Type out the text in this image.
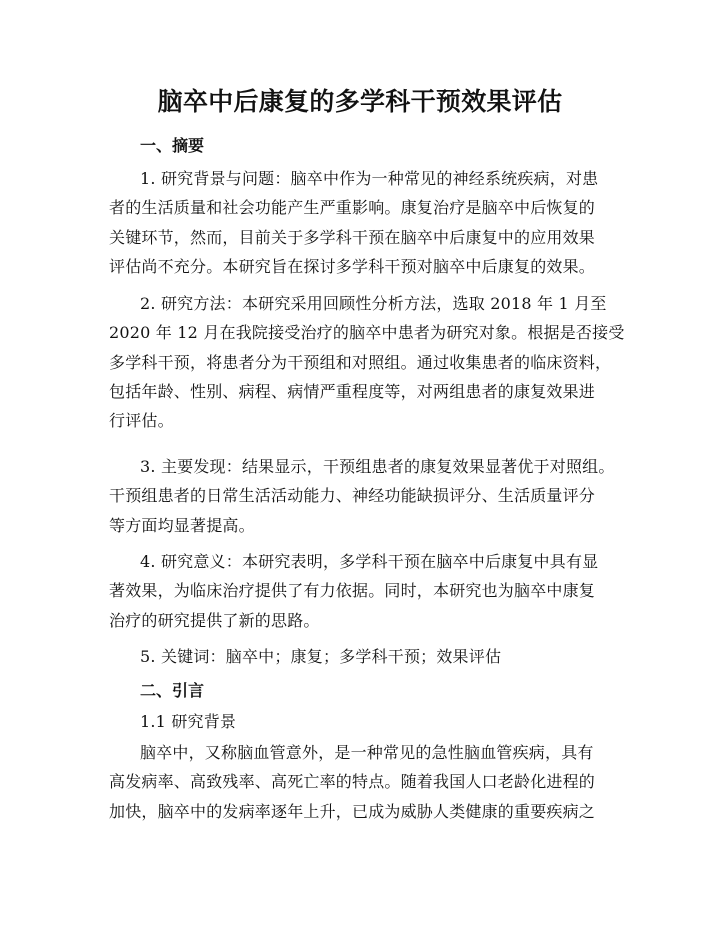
脑卒中后康复的多学科干预效果评估
一、摘要
1. 研究背景与问题：脑卒中作为一种常见的神经系统疾病，对患
者的生活质量和社会功能产生严重影响。康复治疗是脑卒中后恢复的
关键环节，然而，目前关于多学科干预在脑卒中后康复中的应用效果
评估尚不充分。本研究旨在探讨多学科干预对脑卒中后康复的效果。
2. 研究方法：本研究采用回顾性分析方法，选取 2018 年 1 月至
2020 年 12 月在我院接受治疗的脑卒中患者为研究对象。根据是否接受
多学科干预，将患者分为干预组和对照组。通过收集患者的临床资料，
包括年龄、性别、病程、病情严重程度等，对两组患者的康复效果进
行评估。
3. 主要发现：结果显示，干预组患者的康复效果显著优于对照组。
干预组患者的日常生活活动能力、神经功能缺损评分、生活质量评分
等方面均显著提高。
4. 研究意义：本研究表明，多学科干预在脑卒中后康复中具有显
著效果，为临床治疗提供了有力依据。同时，本研究也为脑卒中康复
治疗的研究提供了新的思路。
5. 关键词：脑卒中；康复；多学科干预；效果评估
二、引言
1.1 研究背景
脑卒中，又称脑血管意外，是一种常见的急性脑血管疾病，具有
高发病率、高致残率、高死亡率的特点。随着我国人口老龄化进程的
加快，脑卒中的发病率逐年上升，已成为威胁人类健康的重要疾病之
